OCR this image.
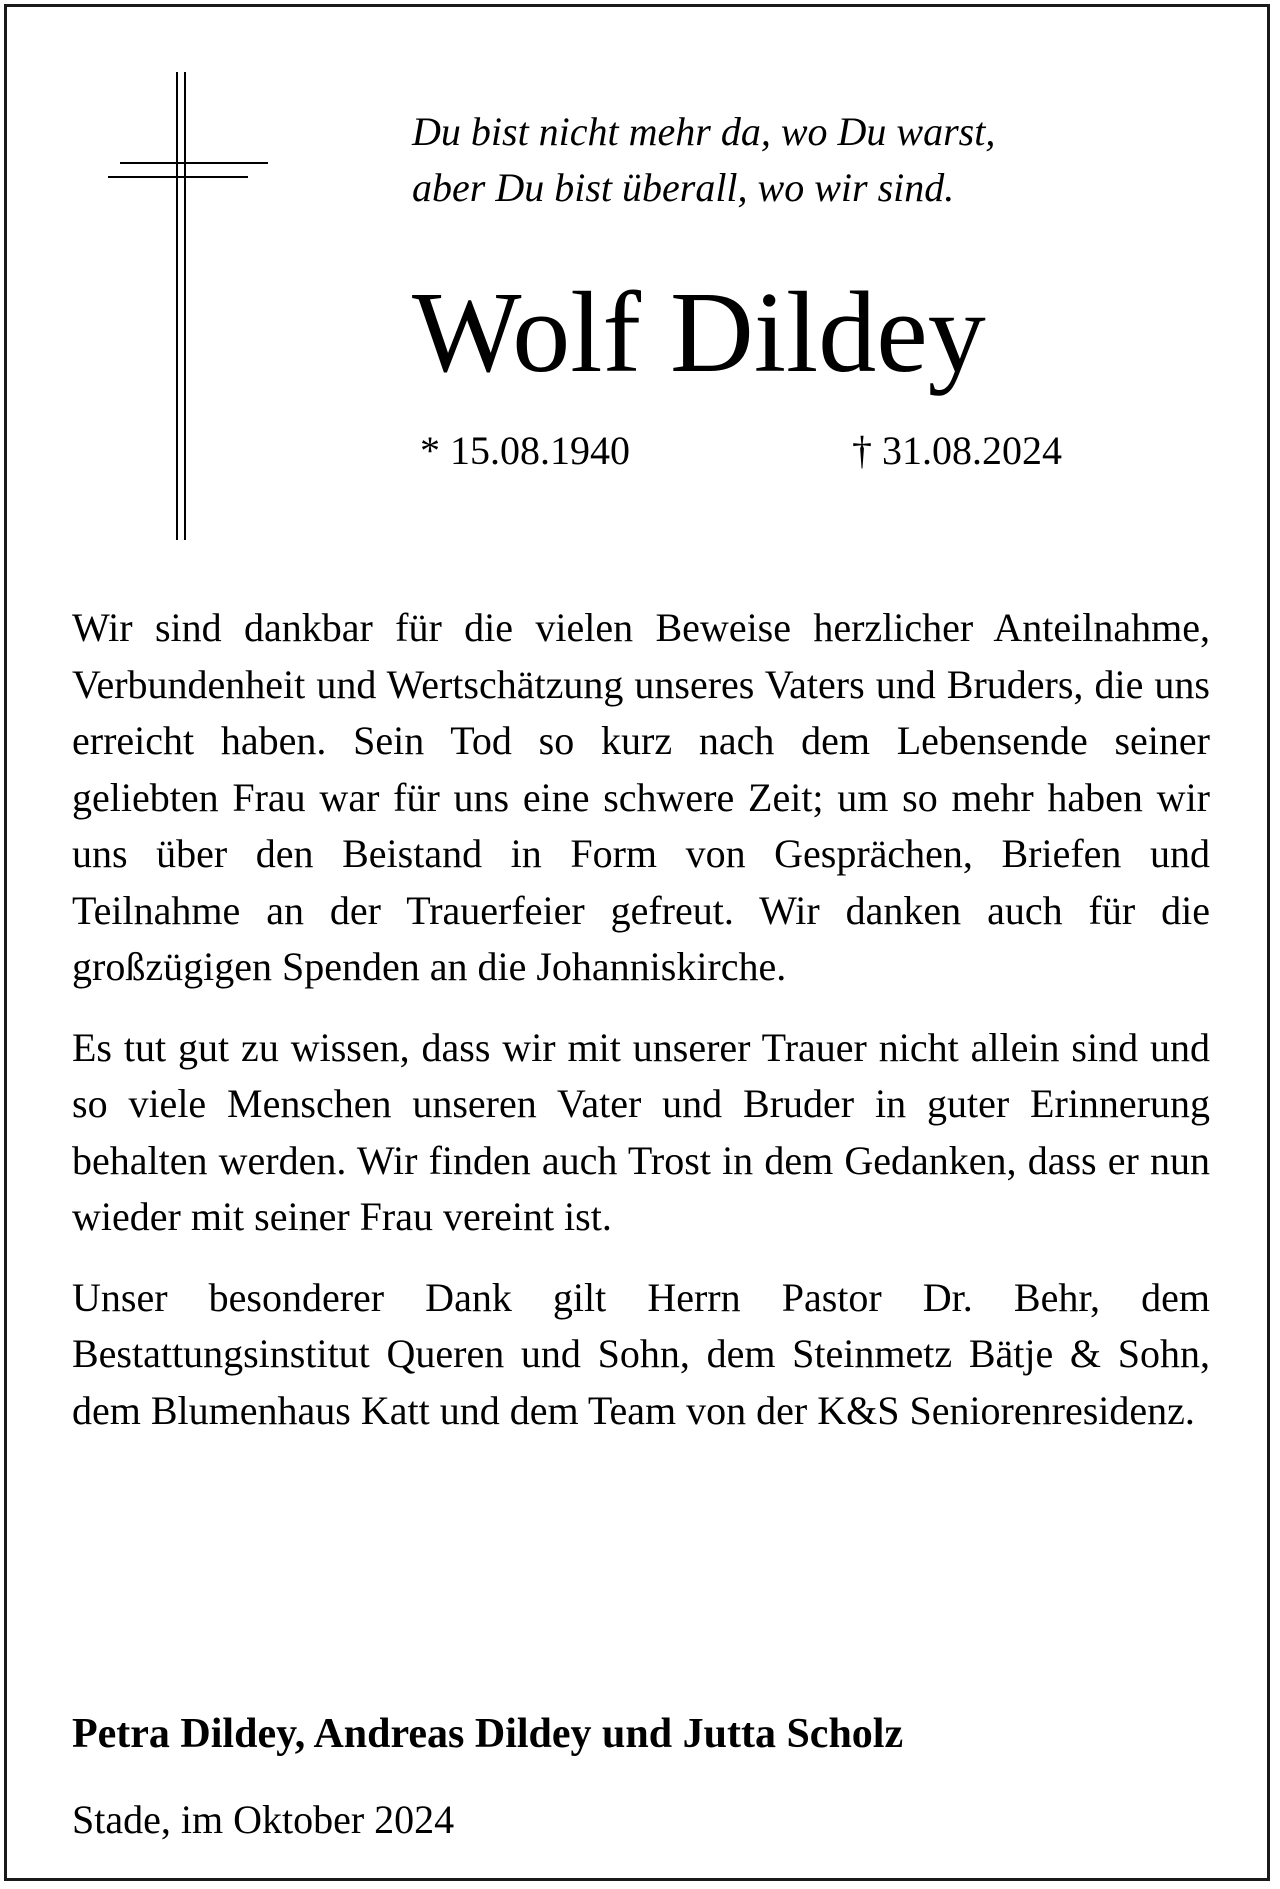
Du bist nicht mehr da, wo Du warst,
aber Du bist überall, wo wir sind.
Wolf Dildey
* 15.08.1940	† 31.08.2024

Wir sind dankbar für die vielen Beweise herzlicher Anteilnahme, Verbundenheit und Wertschätzung unseres Vaters und Bruders, die uns erreicht haben. Sein Tod so kurz nach dem Lebensende seiner geliebten Frau war für uns eine schwere Zeit; um so mehr haben wir uns über den Beistand in Form von Gesprächen, Briefen und Teilnahme an der Trauerfeier gefreut. Wir danken auch für die großzügigen Spenden an die Johanniskirche.

Es tut gut zu wissen, dass wir mit unserer Trauer nicht allein sind und so viele Menschen unseren Vater und Bruder in guter Erinnerung behalten werden. Wir finden auch Trost in dem Gedanken, dass er nun wieder mit seiner Frau vereint ist.

Unser besonderer Dank gilt Herrn Pastor Dr. Behr, dem Bestattungsinstitut Queren und Sohn, dem Steinmetz Bätje & Sohn, dem Blumenhaus Katt und dem Team von der K&S Seniorenresidenz.

Petra Dildey, Andreas Dildey und Jutta Scholz
Stade, im Oktober 2024
